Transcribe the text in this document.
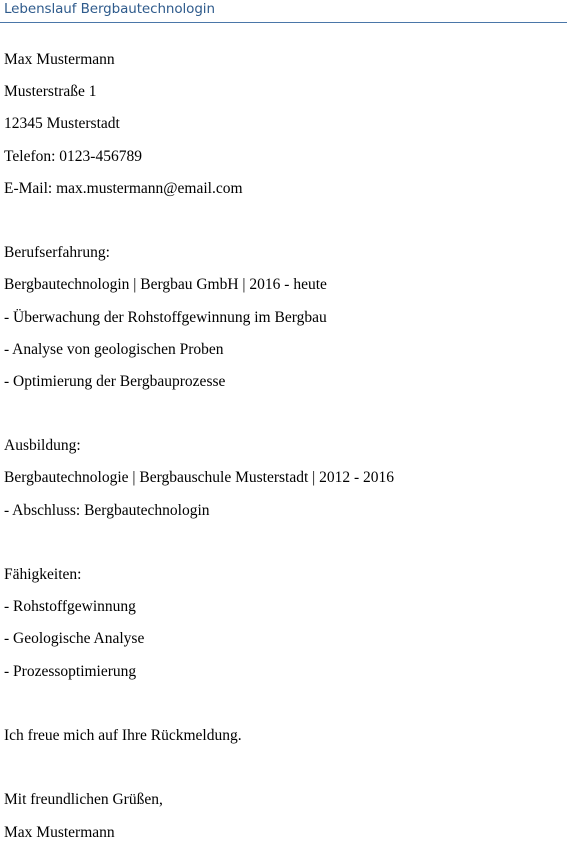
Lebenslauf Bergbautechnologin
Max Mustermann
Musterstraße 1
12345 Musterstadt
Telefon: 0123-456789
E-Mail: max.mustermann@email.com
Berufserfahrung:
Bergbautechnologin | Bergbau GmbH | 2016 - heute
- Überwachung der Rohstoffgewinnung im Bergbau
- Analyse von geologischen Proben
- Optimierung der Bergbauprozesse
Ausbildung:
Bergbautechnologie | Bergbauschule Musterstadt | 2012 - 2016
- Abschluss: Bergbautechnologin
Fähigkeiten:
- Rohstoffgewinnung
- Geologische Analyse
- Prozessoptimierung
Ich freue mich auf Ihre Rückmeldung.
Mit freundlichen Grüßen,
Max Mustermann
